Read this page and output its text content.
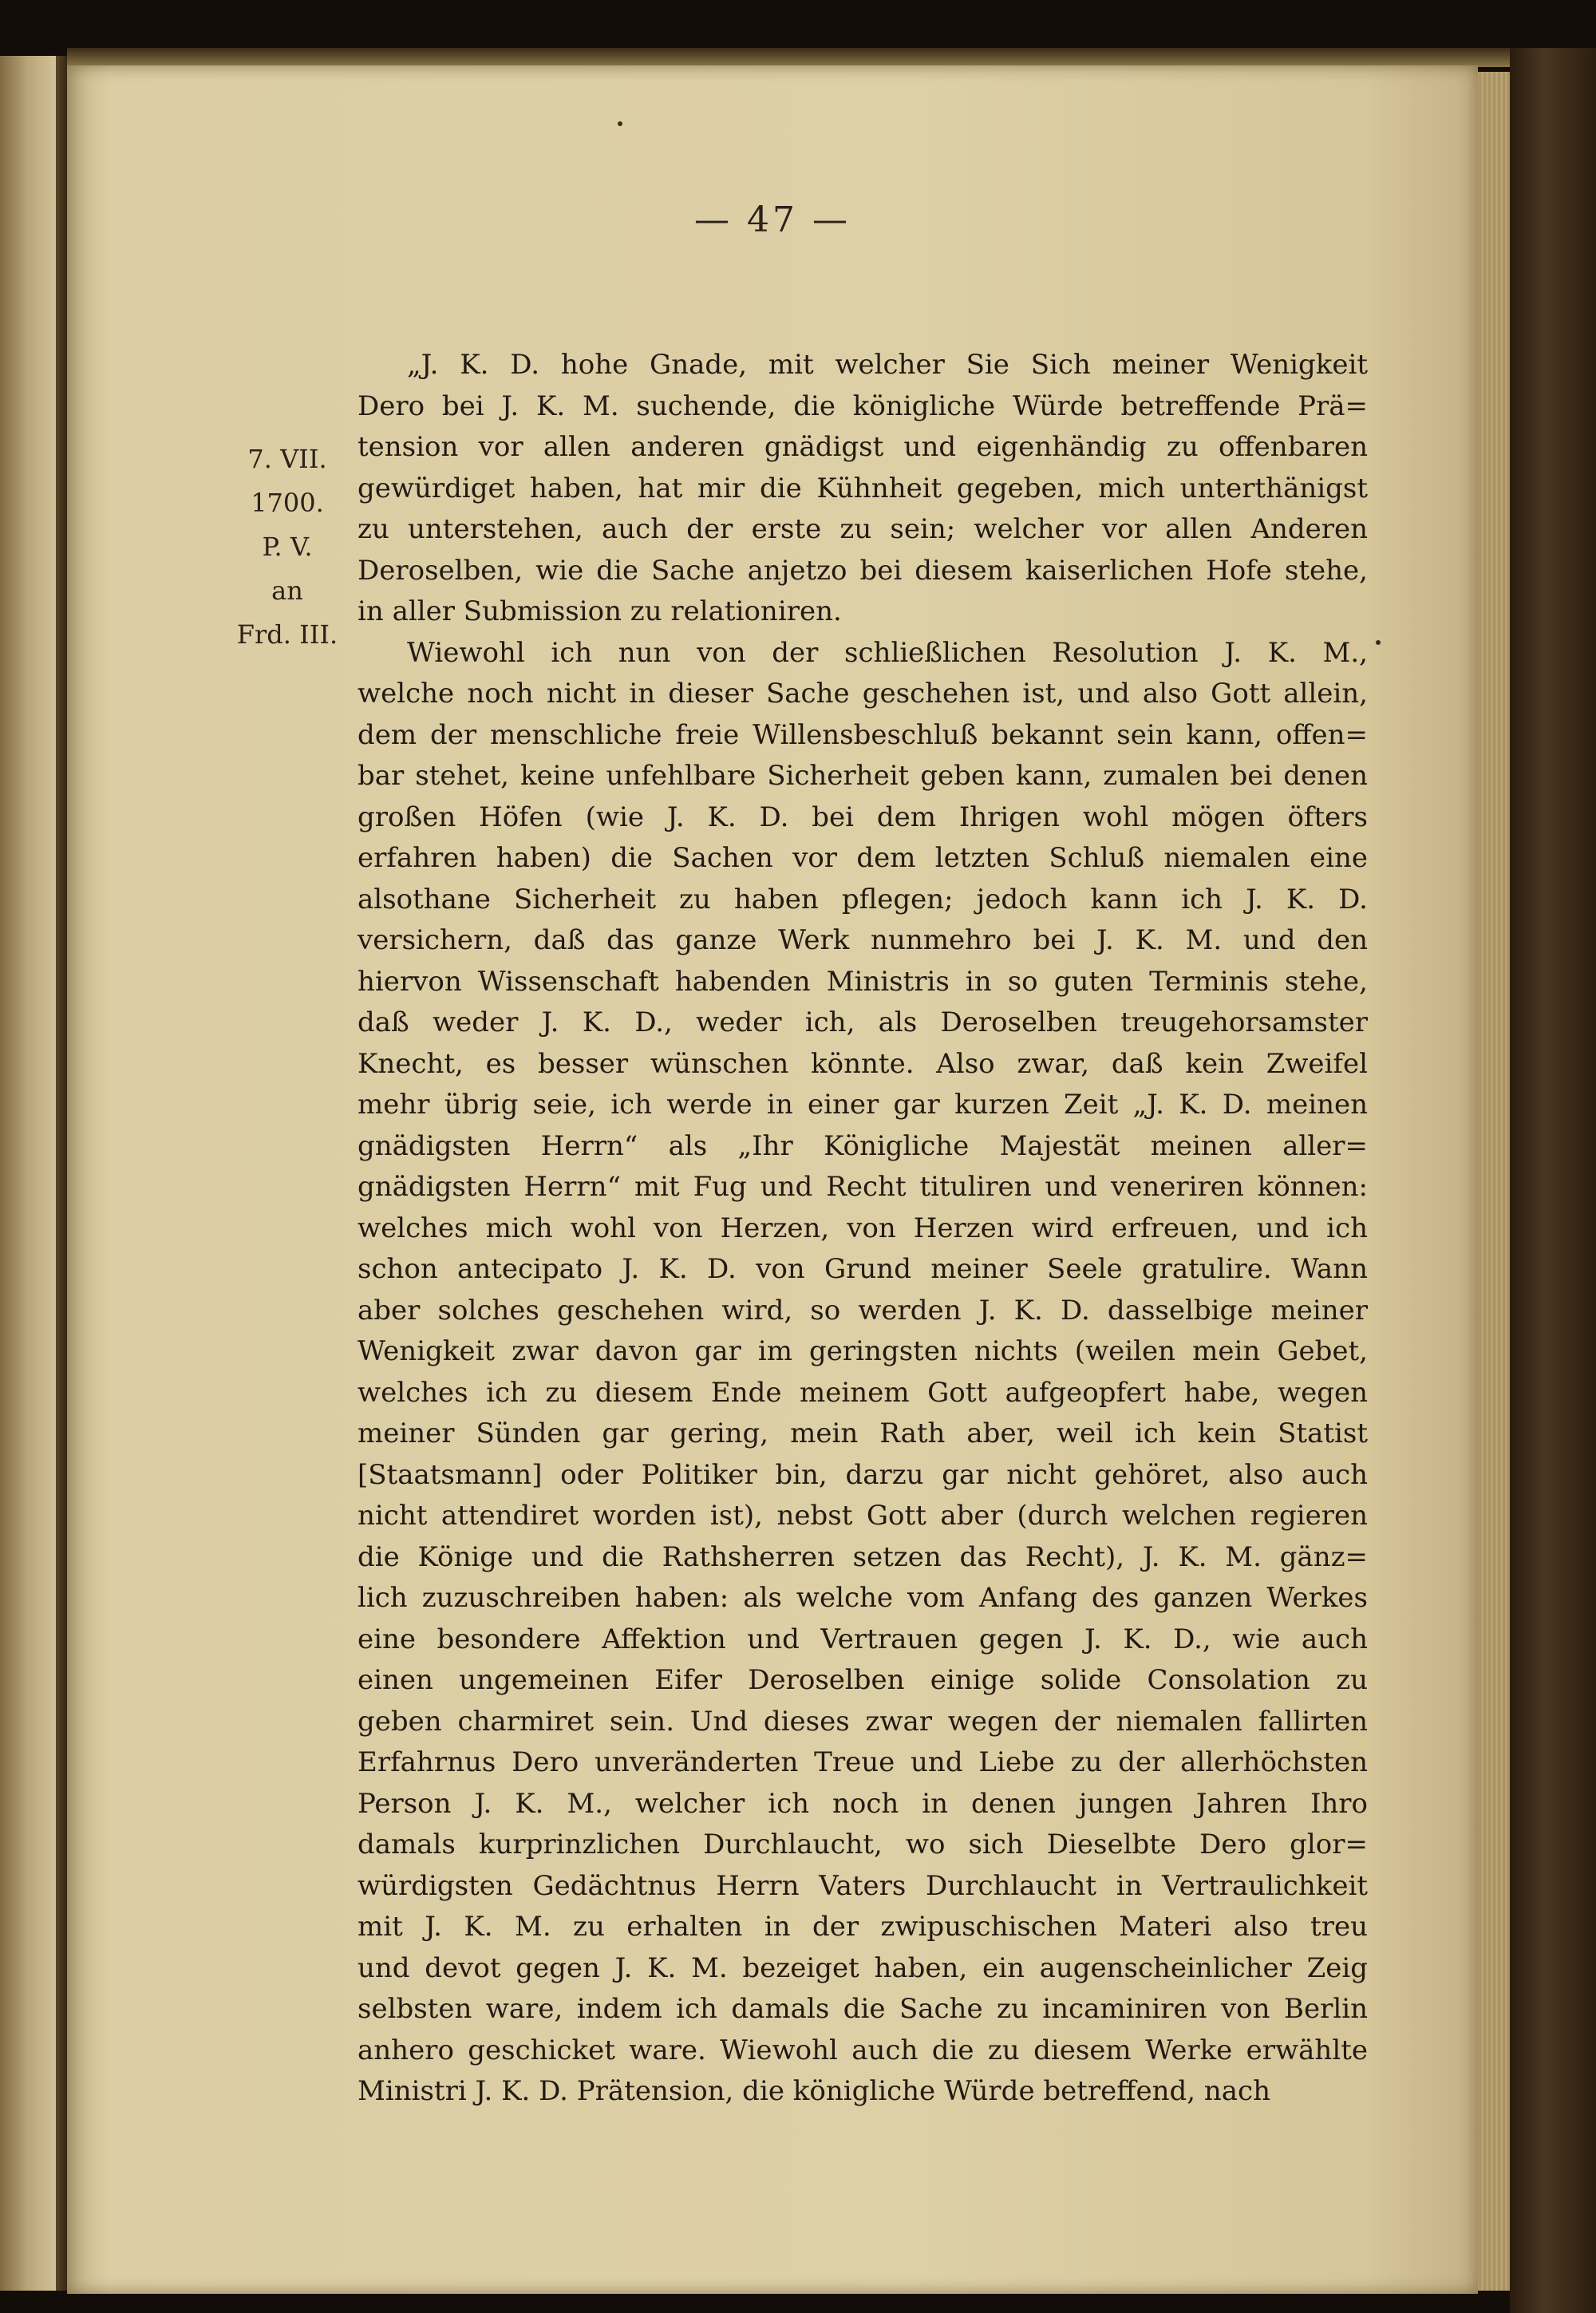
— 47 —
7. VII.
1700.
P. V.
an
Frd. III.
„J. K. D. hohe Gnade, mit welcher Sie Sich meiner Wenigkeit
Dero bei J. K. M. suchende, die königliche Würde betreffende Prä=
tension vor allen anderen gnädigst und eigenhändig zu offenbaren
gewürdiget haben, hat mir die Kühnheit gegeben, mich unterthänigst
zu unterstehen, auch der erste zu sein; welcher vor allen Anderen
Deroselben, wie die Sache anjetzo bei diesem kaiserlichen Hofe stehe,
in aller Submission zu relationiren.
Wiewohl ich nun von der schließlichen Resolution J. K. M.,
welche noch nicht in dieser Sache geschehen ist, und also Gott allein,
dem der menschliche freie Willensbeschluß bekannt sein kann, offen=
bar stehet, keine unfehlbare Sicherheit geben kann, zumalen bei denen
großen Höfen (wie J. K. D. bei dem Ihrigen wohl mögen öfters
erfahren haben) die Sachen vor dem letzten Schluß niemalen eine
alsothane Sicherheit zu haben pflegen; jedoch kann ich J. K. D.
versichern, daß das ganze Werk nunmehro bei J. K. M. und den
hiervon Wissenschaft habenden Ministris in so guten Terminis stehe,
daß weder J. K. D., weder ich, als Deroselben treugehorsamster
Knecht, es besser wünschen könnte. Also zwar, daß kein Zweifel
mehr übrig seie, ich werde in einer gar kurzen Zeit „J. K. D. meinen
gnädigsten Herrn“ als „Ihr Königliche Majestät meinen aller=
gnädigsten Herrn“ mit Fug und Recht tituliren und veneriren können:
welches mich wohl von Herzen, von Herzen wird erfreuen, und ich
schon antecipato J. K. D. von Grund meiner Seele gratulire. Wann
aber solches geschehen wird, so werden J. K. D. dasselbige meiner
Wenigkeit zwar davon gar im geringsten nichts (weilen mein Gebet,
welches ich zu diesem Ende meinem Gott aufgeopfert habe, wegen
meiner Sünden gar gering, mein Rath aber, weil ich kein Statist
[Staatsmann] oder Politiker bin, darzu gar nicht gehöret, also auch
nicht attendiret worden ist), nebst Gott aber (durch welchen regieren
die Könige und die Rathsherren setzen das Recht), J. K. M. gänz=
lich zuzuschreiben haben: als welche vom Anfang des ganzen Werkes
eine besondere Affektion und Vertrauen gegen J. K. D., wie auch
einen ungemeinen Eifer Deroselben einige solide Consolation zu
geben charmiret sein. Und dieses zwar wegen der niemalen fallirten
Erfahrnus Dero unveränderten Treue und Liebe zu der allerhöchsten
Person J. K. M., welcher ich noch in denen jungen Jahren Ihro
damals kurprinzlichen Durchlaucht, wo sich Dieselbte Dero glor=
würdigsten Gedächtnus Herrn Vaters Durchlaucht in Vertraulichkeit
mit J. K. M. zu erhalten in der zwipuschischen Materi also treu
und devot gegen J. K. M. bezeiget haben, ein augenscheinlicher Zeig
selbsten ware, indem ich damals die Sache zu incaminiren von Berlin
anhero geschicket ware. Wiewohl auch die zu diesem Werke erwählte
Ministri J. K. D. Prätension, die königliche Würde betreffend, nach
